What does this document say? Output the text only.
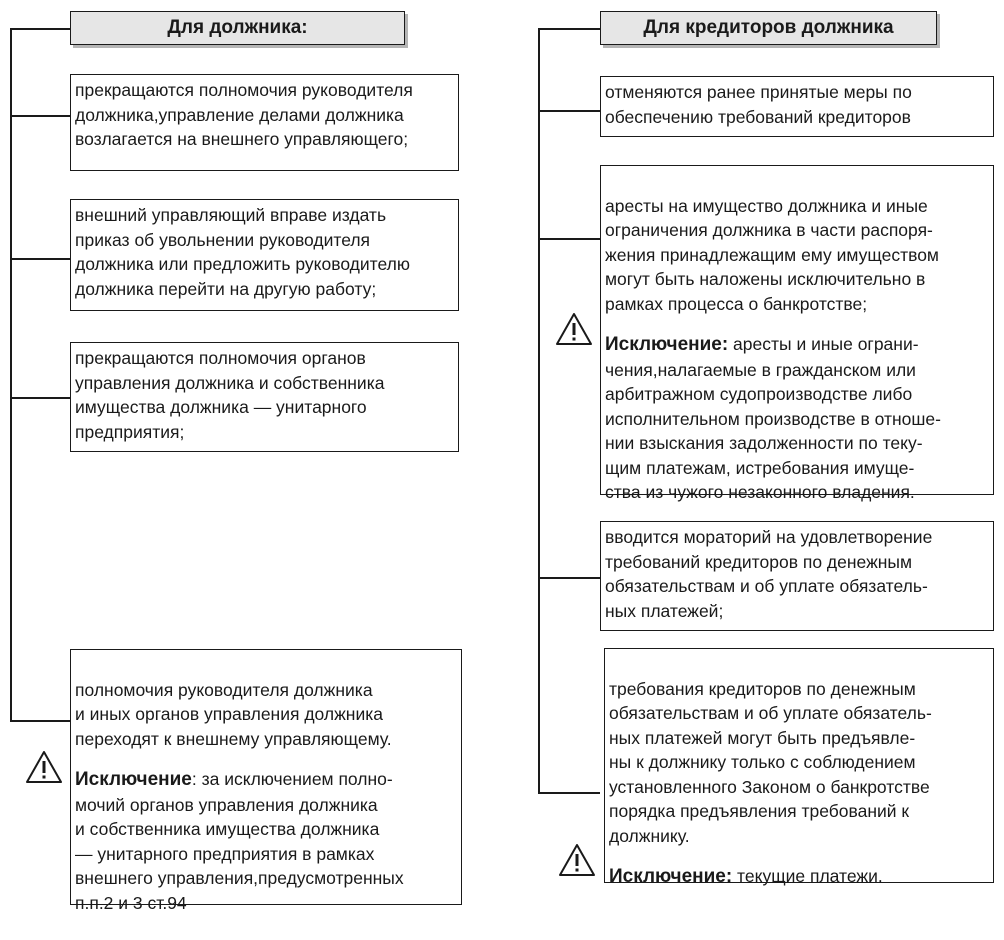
Для должника:
прекращаются полномочия руководителя
должника,управление делами должника
возлагается на внешнего управляющего;
внешний управляющий вправе издать
приказ об увольнении руководителя
должника или предложить руководителю
должника перейти на другую работу;
прекращаются полномочия органов
управления должника и собственника
имущества должника — унитарного
предприятия;

полномочия руководителя должника
и иных органов управления должника
переходят к внешнему управляющему.

Исключение: за исключением полно-
мочий органов управления должника
и собственника имущества должника
— унитарного предприятия в рамках
внешнего управления,предусмотренных
п.п.2 и 3 ст.94

Для кредиторов должника
отменяются ранее принятые меры по
обеспечению требований кредиторов

аресты на имущество должника и иные
ограничения должника в части распоря-
жения принадлежащим ему имуществом
могут быть наложены исключительно в
рамках процесса о банкротстве;

Исключение: аресты и иные ограни-
чения,налагаемые в гражданском или
арбитражном судопроизводстве либо
исполнительном производстве в отноше-
нии взыскания задолженности по теку-
щим платежам, истребования имуще-
ства из чужого незаконного владения.

вводится мораторий на удовлетворение
требований кредиторов по денежным
обязательствам и об уплате обязатель-
ных платежей;

требования кредиторов по денежным
обязательствам и об уплате обязатель-
ных платежей могут быть предъявле-
ны к должнику только с соблюдением
установленного Законом о банкротстве
порядка предъявления требований к
должнику.

Исключение: текущие платежи.
